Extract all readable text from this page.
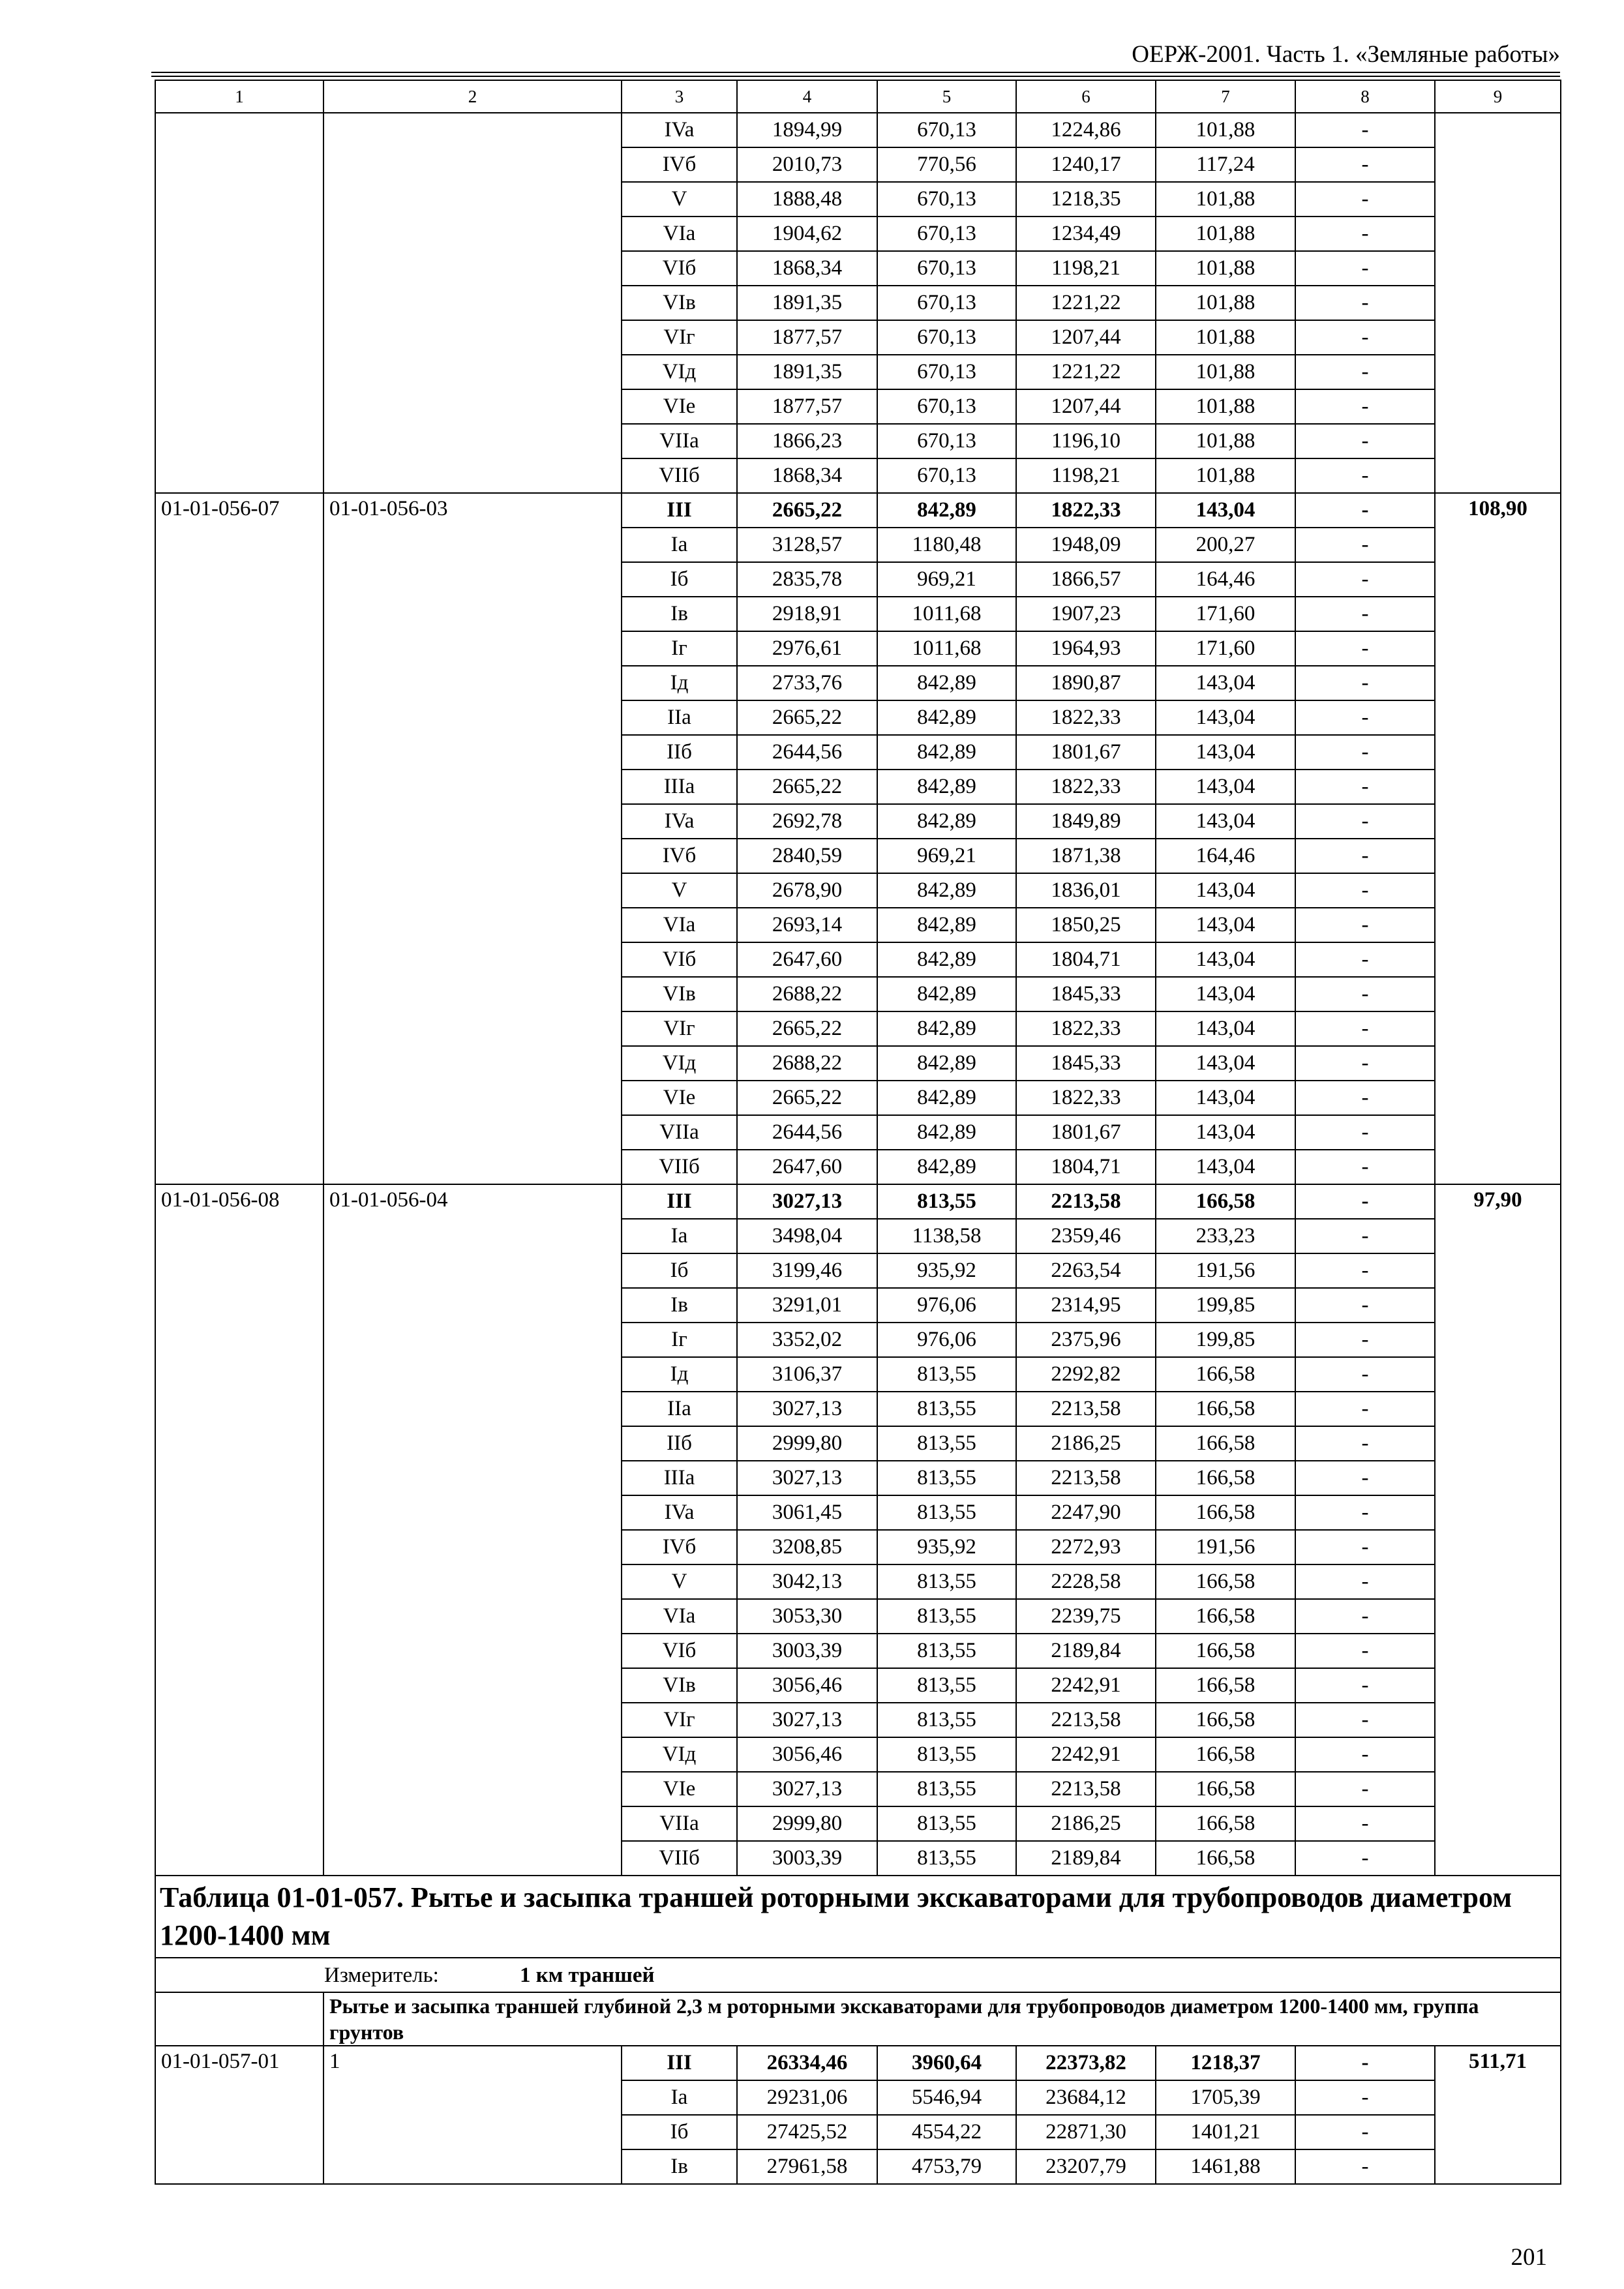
ОЕРЖ-2001. Часть 1. «Земляные работы»
1	2	3	4	5	6	7	8	9
		IVa	1894,99	670,13	1224,86	101,88	-	
		IVб	2010,73	770,56	1240,17	117,24	-	
		V	1888,48	670,13	1218,35	101,88	-	
		VIa	1904,62	670,13	1234,49	101,88	-	
		VIб	1868,34	670,13	1198,21	101,88	-	
		VIв	1891,35	670,13	1221,22	101,88	-	
		VIг	1877,57	670,13	1207,44	101,88	-	
		VIд	1891,35	670,13	1221,22	101,88	-	
		VIe	1877,57	670,13	1207,44	101,88	-	
		VIIa	1866,23	670,13	1196,10	101,88	-	
		VIIб	1868,34	670,13	1198,21	101,88	-	
01-01-056-07	01-01-056-03	III	2665,22	842,89	1822,33	143,04	-	108,90
		Ia	3128,57	1180,48	1948,09	200,27	-	
		Iб	2835,78	969,21	1866,57	164,46	-	
		Iв	2918,91	1011,68	1907,23	171,60	-	
		Iг	2976,61	1011,68	1964,93	171,60	-	
		Iд	2733,76	842,89	1890,87	143,04	-	
		IIa	2665,22	842,89	1822,33	143,04	-	
		IIб	2644,56	842,89	1801,67	143,04	-	
		IIIa	2665,22	842,89	1822,33	143,04	-	
		IVa	2692,78	842,89	1849,89	143,04	-	
		IVб	2840,59	969,21	1871,38	164,46	-	
		V	2678,90	842,89	1836,01	143,04	-	
		VIa	2693,14	842,89	1850,25	143,04	-	
		VIб	2647,60	842,89	1804,71	143,04	-	
		VIв	2688,22	842,89	1845,33	143,04	-	
		VIг	2665,22	842,89	1822,33	143,04	-	
		VIд	2688,22	842,89	1845,33	143,04	-	
		VIe	2665,22	842,89	1822,33	143,04	-	
		VIIa	2644,56	842,89	1801,67	143,04	-	
		VIIб	2647,60	842,89	1804,71	143,04	-	
01-01-056-08	01-01-056-04	III	3027,13	813,55	2213,58	166,58	-	97,90
		Ia	3498,04	1138,58	2359,46	233,23	-	
		Iб	3199,46	935,92	2263,54	191,56	-	
		Iв	3291,01	976,06	2314,95	199,85	-	
		Iг	3352,02	976,06	2375,96	199,85	-	
		Iд	3106,37	813,55	2292,82	166,58	-	
		IIa	3027,13	813,55	2213,58	166,58	-	
		IIб	2999,80	813,55	2186,25	166,58	-	
		IIIa	3027,13	813,55	2213,58	166,58	-	
		IVa	3061,45	813,55	2247,90	166,58	-	
		IVб	3208,85	935,92	2272,93	191,56	-	
		V	3042,13	813,55	2228,58	166,58	-	
		VIa	3053,30	813,55	2239,75	166,58	-	
		VIб	3003,39	813,55	2189,84	166,58	-	
		VIв	3056,46	813,55	2242,91	166,58	-	
		VIг	3027,13	813,55	2213,58	166,58	-	
		VIд	3056,46	813,55	2242,91	166,58	-	
		VIe	3027,13	813,55	2213,58	166,58	-	
		VIIa	2999,80	813,55	2186,25	166,58	-	
		VIIб	3003,39	813,55	2189,84	166,58	-	
Таблица 01-01-057. Рытье и засыпка траншей роторными экскаваторами для трубопроводов диаметром 1200-1400 мм								
Измеритель: 1 км траншей								
	Рытье и засыпка траншей глубиной 2,3 м роторными экскаваторами для трубопроводов диаметром 1200-1400 мм, группа грунтов							
01-01-057-01	1	III	26334,46	3960,64	22373,82	1218,37	-	511,71
		Ia	29231,06	5546,94	23684,12	1705,39	-	
		Iб	27425,52	4554,22	22871,30	1401,21	-	
		Iв	27961,58	4753,79	23207,79	1461,88	-	
201
